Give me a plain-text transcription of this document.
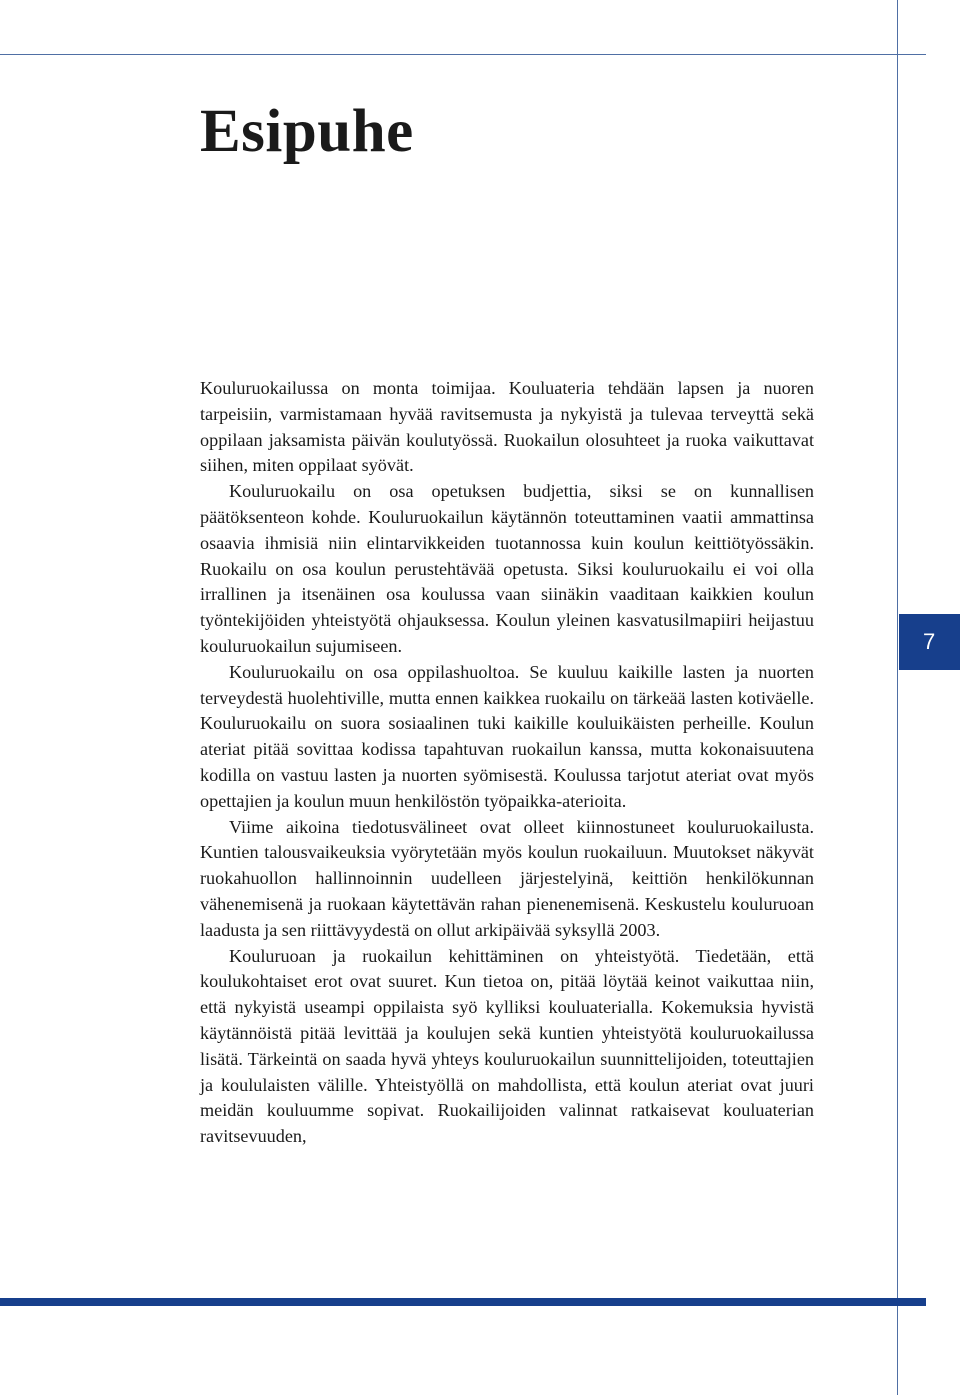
Esipuhe

Kouluruokailussa on monta toimijaa. Kouluateria tehdään lapsen ja nuoren tarpeisiin, varmistamaan hyvää ravitsemusta ja nykyistä ja tulevaa terveyttä sekä oppilaan jaksamista päivän koulutyössä. Ruokailun olosuhteet ja ruoka vaikuttavat siihen, miten oppilaat syövät.

Kouluruokailu on osa opetuksen budjettia, siksi se on kunnallisen päätöksenteon kohde. Kouluruokailun käytännön toteuttaminen vaatii ammattinsa osaavia ihmisiä niin elintarvikkeiden tuotannossa kuin koulun keittiötyössäkin. Ruokailu on osa koulun perustehtävää opetusta. Siksi kouluruokailu ei voi olla irrallinen ja itsenäinen osa koulussa vaan siinäkin vaaditaan kaikkien koulun työntekijöiden yhteistyötä ohjauksessa. Koulun yleinen kasvatusilmapiiri heijastuu kouluruokailun sujumiseen.

Kouluruokailu on osa oppilashuoltoa. Se kuuluu kaikille lasten ja nuorten terveydestä huolehtiville, mutta ennen kaikkea ruokailu on tärkeää lasten kotiväelle. Kouluruokailu on suora sosiaalinen tuki kaikille kouluikäisten perheille. Koulun ateriat pitää sovittaa kodissa tapahtuvan ruokailun kanssa, mutta kokonaisuutena kodilla on vastuu lasten ja nuorten syömisestä. Koulussa tarjotut ateriat ovat myös opettajien ja koulun muun henkilöstön työpaikka-aterioita.

Viime aikoina tiedotusvälineet ovat olleet kiinnostuneet kouluruokailusta. Kuntien talousvaikeuksia vyörytetään myös koulun ruokailuun. Muutokset näkyvät ruokahuollon hallinnoinnin uudelleen järjestelyinä, keittiön henkilökunnan vähenemisenä ja ruokaan käytettävän rahan pienenemisenä. Keskustelu kouluruoan laadusta ja sen riittävyydestä on ollut arkipäivää syksyllä 2003.

Kouluruoan ja ruokailun kehittäminen on yhteistyötä. Tiedetään, että koulukohtaiset erot ovat suuret. Kun tietoa on, pitää löytää keinot vaikuttaa niin, että nykyistä useampi oppilaista syö kylliksi kouluaterialla. Kokemuksia hyvistä käytännöistä pitää levittää ja koulujen sekä kuntien yhteistyötä kouluruokailussa lisätä. Tärkeintä on saada hyvä yhteys kouluruokailun suunnittelijoiden, toteuttajien ja koululaisten välille. Yhteistyöllä on mahdollista, että koulun ateriat ovat juuri meidän kouluumme sopivat. Ruokailijoiden valinnat ratkaisevat kouluaterian ravitsevuuden,

7
